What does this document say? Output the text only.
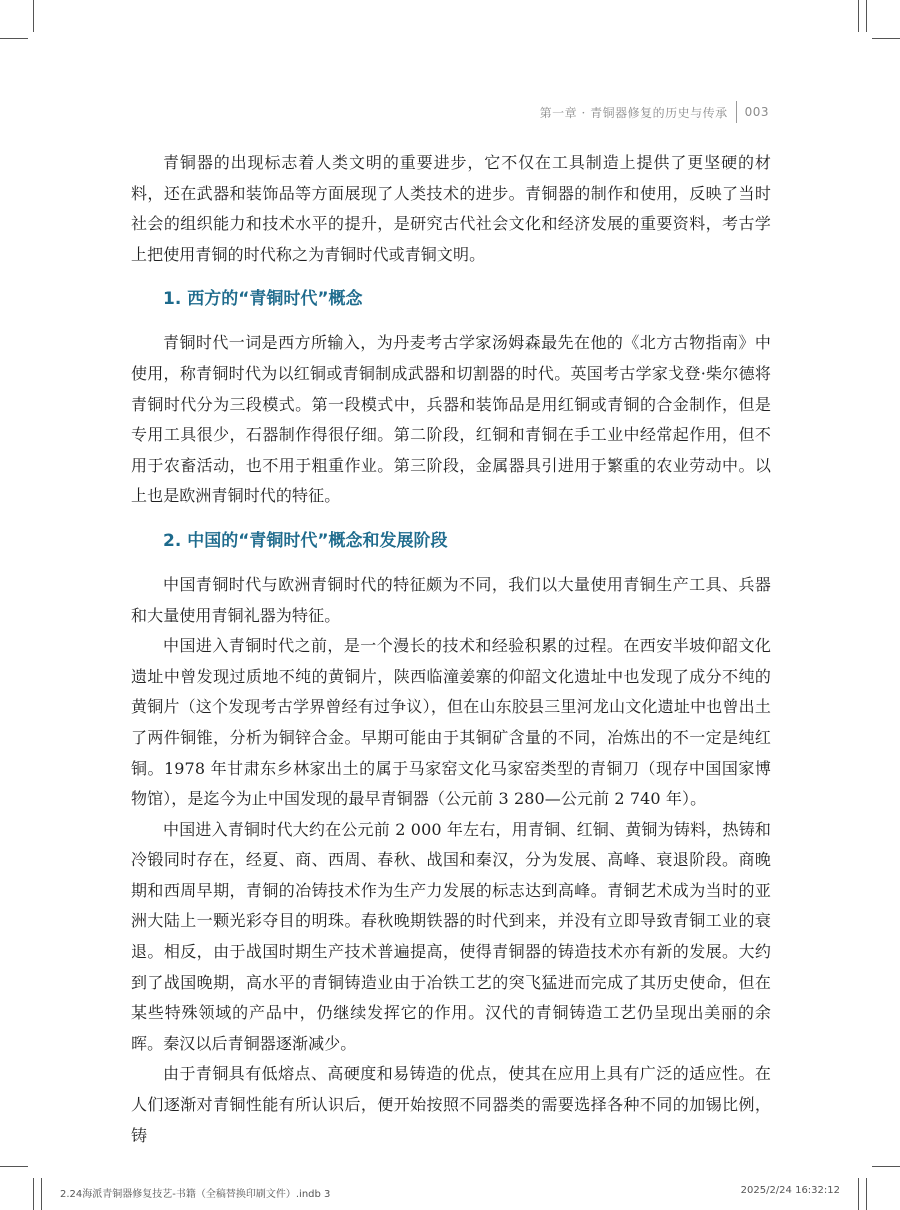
第一章 · 青铜器修复的历史与传承 003

青铜器的出现标志着人类文明的重要进步，它不仅在工具制造上提供了更坚硬的材料，还在武器和装饰品等方面展现了人类技术的进步。青铜器的制作和使用，反映了当时社会的组织能力和技术水平的提升，是研究古代社会文化和经济发展的重要资料，考古学上把使用青铜的时代称之为青铜时代或青铜文明。

1. 西方的“青铜时代”概念

青铜时代一词是西方所输入，为丹麦考古学家汤姆森最先在他的《北方古物指南》中使用，称青铜时代为以红铜或青铜制成武器和切割器的时代。英国考古学家戈登·柴尔德将青铜时代分为三段模式。第一段模式中，兵器和装饰品是用红铜或青铜的合金制作，但是专用工具很少，石器制作得很仔细。第二阶段，红铜和青铜在手工业中经常起作用，但不用于农畜活动，也不用于粗重作业。第三阶段，金属器具引进用于繁重的农业劳动中。以上也是欧洲青铜时代的特征。

2. 中国的“青铜时代”概念和发展阶段

中国青铜时代与欧洲青铜时代的特征颇为不同，我们以大量使用青铜生产工具、兵器和大量使用青铜礼器为特征。

中国进入青铜时代之前，是一个漫长的技术和经验积累的过程。在西安半坡仰韶文化遗址中曾发现过质地不纯的黄铜片，陕西临潼姜寨的仰韶文化遗址中也发现了成分不纯的黄铜片（这个发现考古学界曾经有过争议），但在山东胶县三里河龙山文化遗址中也曾出土了两件铜锥，分析为铜锌合金。早期可能由于其铜矿含量的不同，冶炼出的不一定是纯红铜。1978 年甘肃东乡林家出土的属于马家窑文化马家窑类型的青铜刀（现存中国国家博物馆），是迄今为止中国发现的最早青铜器（公元前 3 280—公元前 2 740 年）。

中国进入青铜时代大约在公元前 2 000 年左右，用青铜、红铜、黄铜为铸料，热铸和冷锻同时存在，经夏、商、西周、春秋、战国和秦汉，分为发展、高峰、衰退阶段。商晚期和西周早期，青铜的冶铸技术作为生产力发展的标志达到高峰。青铜艺术成为当时的亚洲大陆上一颗光彩夺目的明珠。春秋晚期铁器的时代到来，并没有立即导致青铜工业的衰退。相反，由于战国时期生产技术普遍提高，使得青铜器的铸造技术亦有新的发展。大约到了战国晚期，高水平的青铜铸造业由于冶铁工艺的突飞猛进而完成了其历史使命，但在某些特殊领域的产品中，仍继续发挥它的作用。汉代的青铜铸造工艺仍呈现出美丽的余晖。秦汉以后青铜器逐渐减少。

由于青铜具有低熔点、高硬度和易铸造的优点，使其在应用上具有广泛的适应性。在人们逐渐对青铜性能有所认识后，便开始按照不同器类的需要选择各种不同的加锡比例，铸

2.24海派青铜器修复技艺-书籍（全稿替换印刷文件）.indb 3	2025/2/24 16:32:12
